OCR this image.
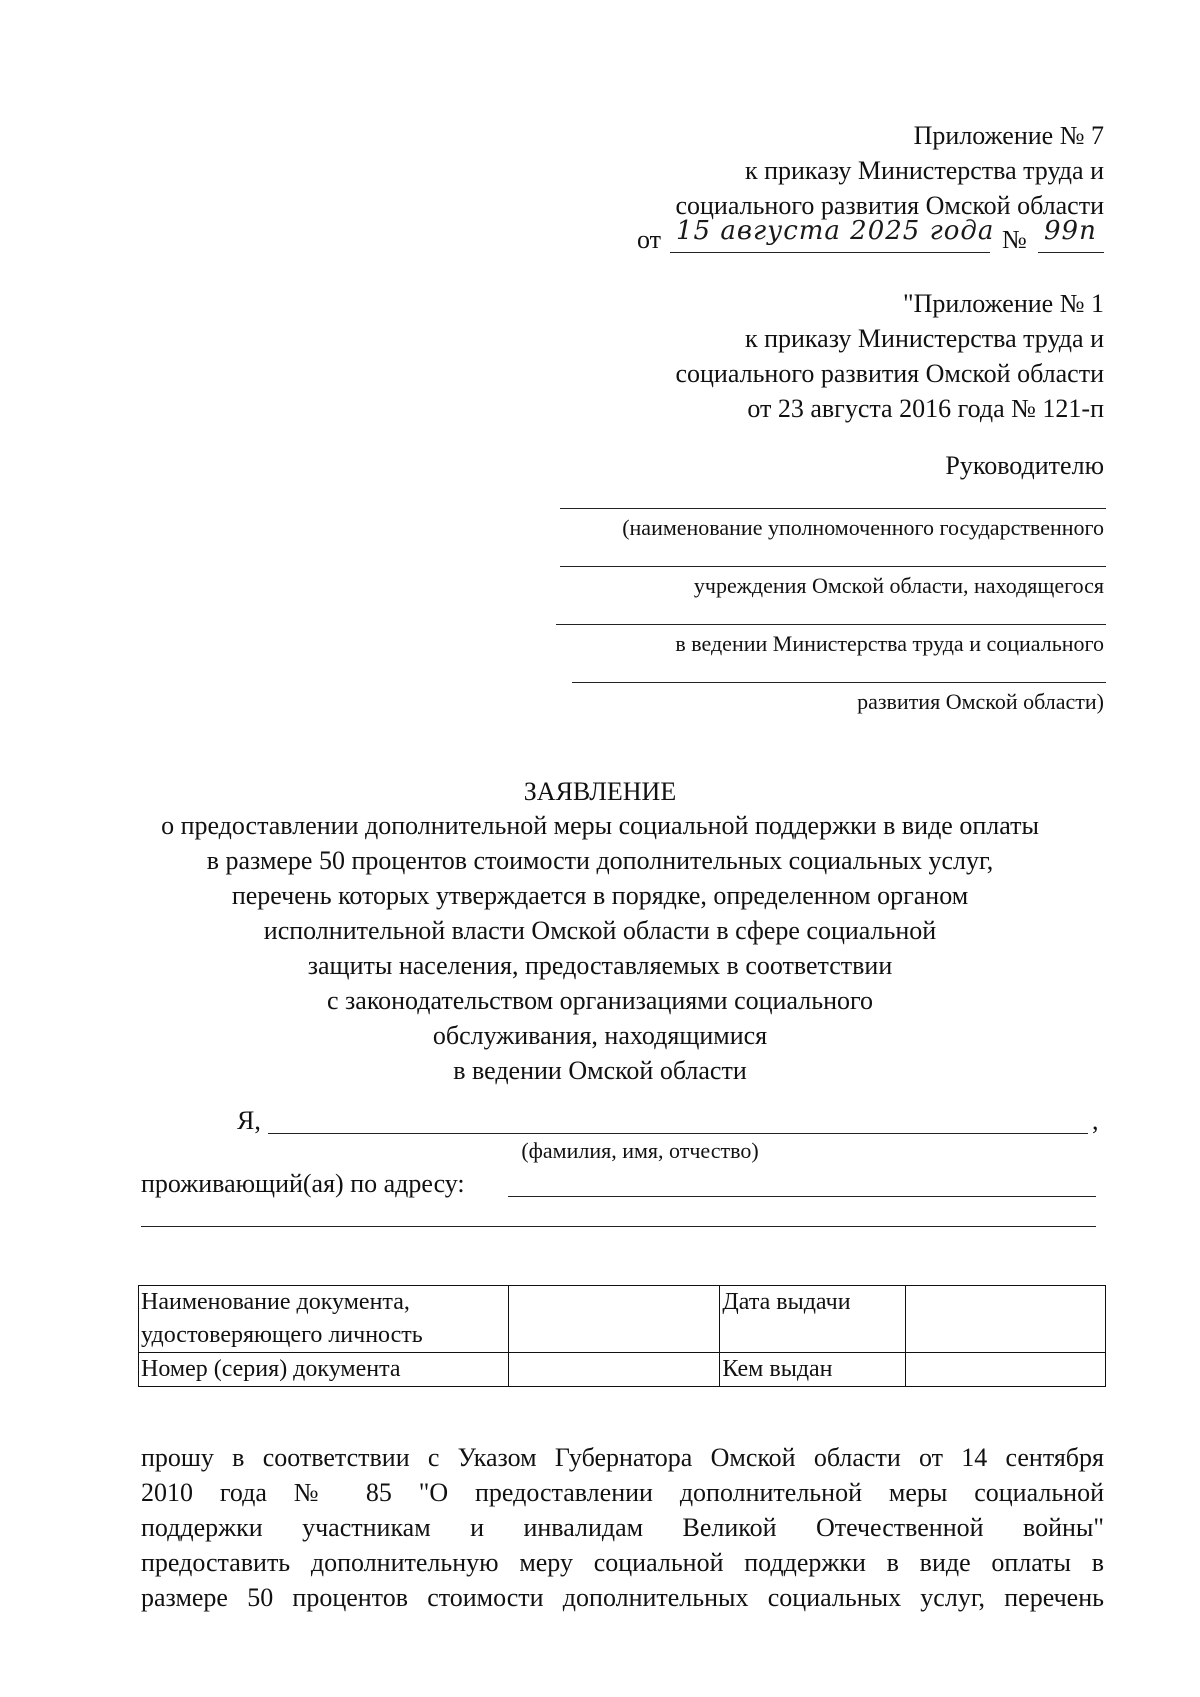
Приложение № 7
к приказу Министерства труда и
социального развития Омской области
от 15 августа 2025 года № 99п
"Приложение № 1
к приказу Министерства труда и
социального развития Омской области
от 23 августа 2016 года № 121-п
Руководителю
(наименование уполномоченного государственного
учреждения Омской области, находящегося
в ведении Министерства труда и социального
развития Омской области)
ЗАЯВЛЕНИЕ
о предоставлении дополнительной меры социальной поддержки в виде оплаты
в размере 50 процентов стоимости дополнительных социальных услуг,
перечень которых утверждается в порядке, определенном органом
исполнительной власти Омской области в сфере социальной
защиты населения, предоставляемых в соответствии
с законодательством организациями социального
обслуживания, находящимися
в ведении Омской области
Я,	,
(фамилия, имя, отчество)
проживающий(ая) по адресу:
Наименование документа, удостоверяющего личность		Дата выдачи	
Номер (серия) документа		Кем выдан	
прошу в соответствии с Указом Губернатора Омской области от 14 сентября
2010 года № 85 "О предоставлении дополнительной меры социальной
поддержки участникам и инвалидам Великой Отечественной войны"
предоставить дополнительную меру социальной поддержки в виде оплаты в
размере 50 процентов стоимости дополнительных социальных услуг, перечень
